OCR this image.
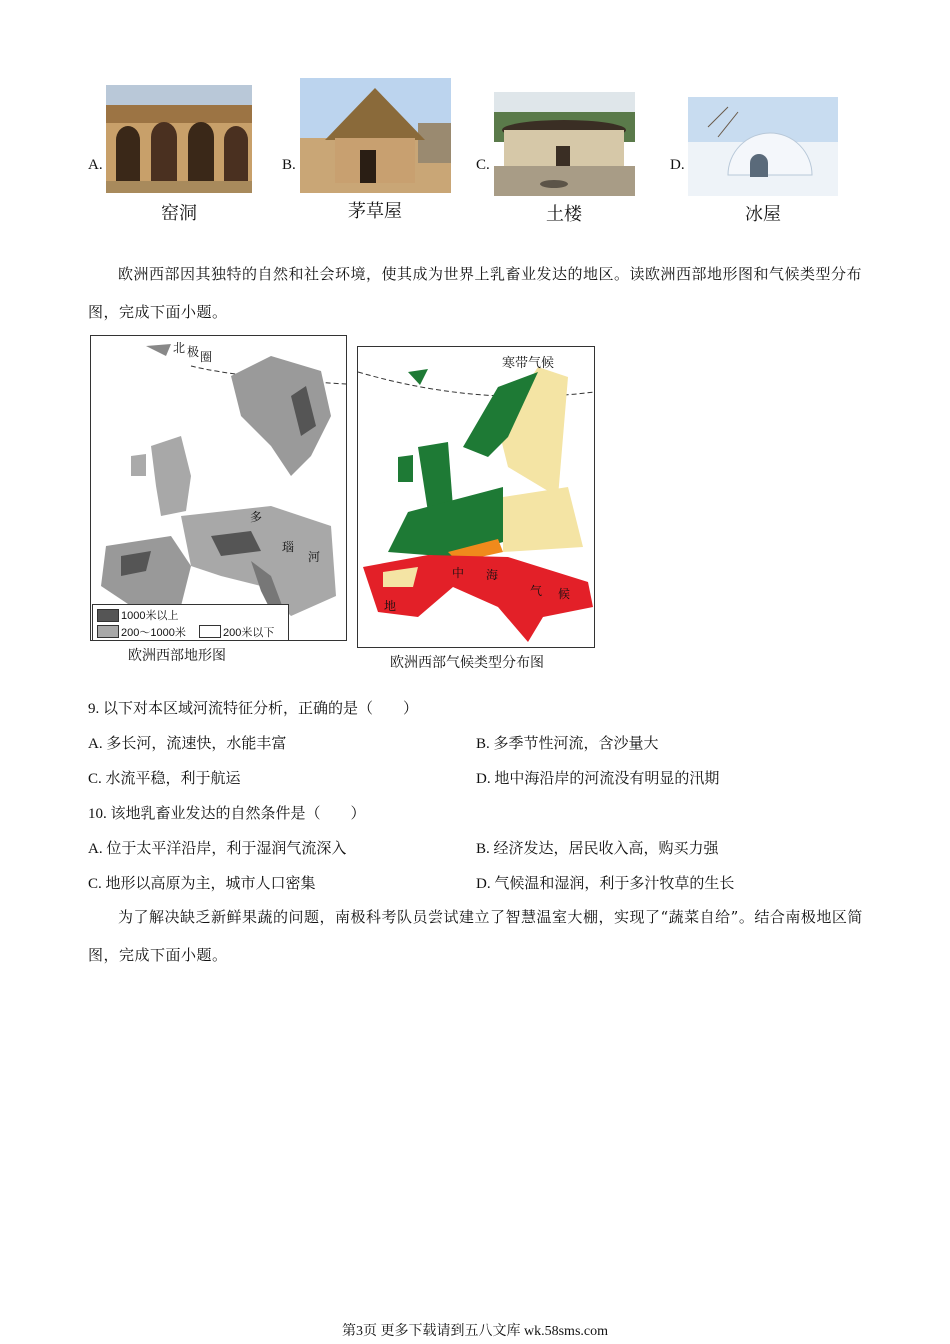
A.
窑洞
B.
茅草屋
C.
土楼
D.
冰屋
欧洲西部因其独特的自然和社会环境，使其成为世界上乳畜业发达的地区。读欧洲西部地形图和气候类型分布图，完成下面小题。
北 极 圈
多
瑙
河
1000米以上
200～1000米	200米以下
欧洲西部地形图
寒带气候
地
中 海
气 候
欧洲西部气候类型分布图
9. 以下对本区域河流特征分析，正确的是（　　）
A. 多长河，流速快，水能丰富	B. 多季节性河流，含沙量大
C. 水流平稳，利于航运	D. 地中海沿岸的河流没有明显的汛期
10. 该地乳畜业发达的自然条件是（　　）
A. 位于太平洋沿岸，利于湿润气流深入	B. 经济发达，居民收入高，购买力强
C. 地形以高原为主，城市人口密集	D. 气候温和湿润，利于多汁牧草的生长
为了解决缺乏新鲜果蔬的问题，南极科考队员尝试建立了智慧温室大棚，实现了“蔬菜自给”。结合南极地区简图，完成下面小题。
第3页 更多下载请到五八文库 wk.58sms.com
